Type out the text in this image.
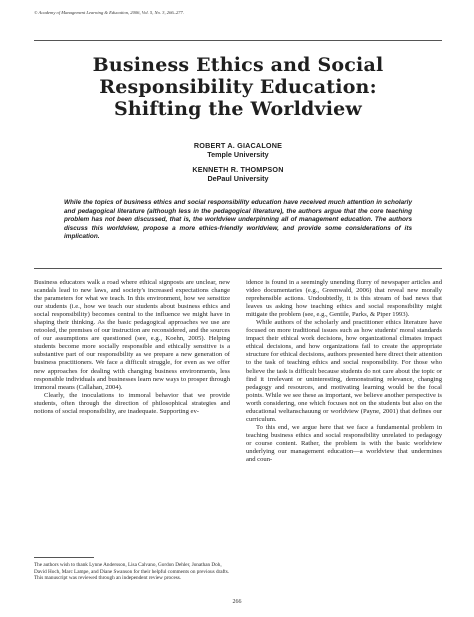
© Academy of Management Learning & Education, 2006, Vol. 5, No. 3, 266–277.
Business Ethics and Social
Responsibility Education:
Shifting the Worldview
ROBERT A. GIACALONE
Temple University
KENNETH R. THOMPSON
DePaul University
While the topics of business ethics and social responsibility education have received much attention in scholarly and pedagogical literature (although less in the pedagogical literature), the authors argue that the core teaching problem has not been discussed, that is, the worldview underpinning all of management education. The authors discuss this worldview, propose a more ethics-friendly worldview, and provide some considerations of its implication.

Business educators walk a road where ethical signposts are unclear, new scandals lead to new laws, and society's increased expectations change the parameters for what we teach. In this environment, how we sensitize our students (i.e., how we teach our students about business ethics and social responsibility) becomes central to the influence we might have in shaping their thinking. As the basic pedagogical approaches we use are retooled, the premises of our instruction are reconsidered, and the sources of our assumptions are questioned (see, e.g., Koehn, 2005). Helping students become more socially responsible and ethically sensitive is a substantive part of our responsibility as we prepare a new generation of business practitioners. We face a difficult struggle, for even as we offer new approaches for dealing with changing business environments, less responsible individuals and businesses learn new ways to prosper through immoral means (Callahan, 2004).

Clearly, the inoculations to immoral behavior that we provide students, often through the direction of philosophical strategies and notions of social responsibility, are inadequate. Supporting ev-

idence is found in a seemingly unending flurry of newspaper articles and video documentaries (e.g., Greenwald, 2006) that reveal new morally reprehensible actions. Undoubtedly, it is this stream of bad news that leaves us asking how teaching ethics and social responsibility might mitigate the problem (see, e.g., Gentile, Parks, & Piper 1993).

While authors of the scholarly and practitioner ethics literature have focused on more traditional issues such as how students' moral standards impact their ethical work decisions, how organizational climates impact ethical decisions, and how organizations fail to create the appropriate structure for ethical decisions, authors presented here direct their attention to the task of teaching ethics and social responsibility. For those who believe the task is difficult because students do not care about the topic or find it irrelevant or uninteresting, demonstrating relevance, changing pedagogy and resources, and motivating learning would be the focal points. While we see these as important, we believe another perspective is worth considering, one which focuses not on the students but also on the educational weltanschauung or worldview (Payne, 2001) that defines our curriculum.

To this end, we argue here that we face a fundamental problem in teaching business ethics and social responsibility unrelated to pedagogy or course content. Rather, the problem is with the basic worldview underlying our management education—a worldview that undermines and coun-

The authors wish to thank Lynne Andersson, Lisa Calvano, Gordon Dehler, Jonathan Doh, David Hoch, Marc Lampe, and Diane Swanson for their helpful comments on previous drafts. This manuscript was reviewed through an independent review process.
266
